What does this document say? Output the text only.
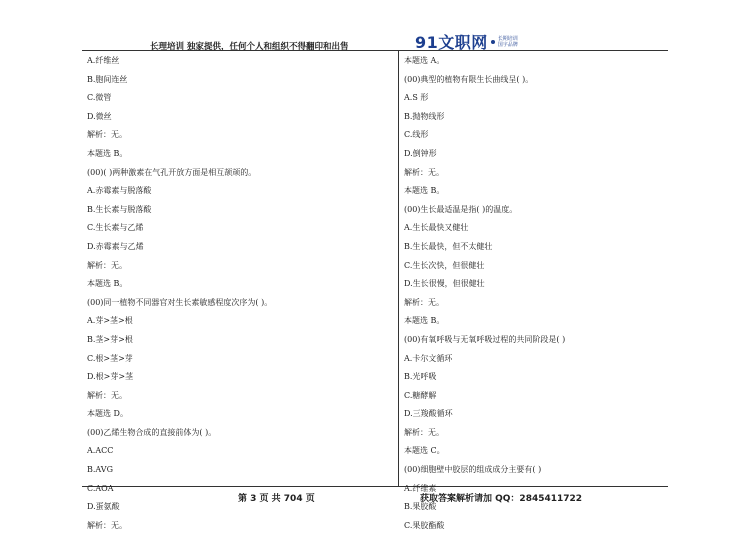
长理培训 独家提供，任何个人和组织不得翻印和出售	91文职网 长期培训
国字品牌
A.纤维丝
B.胞间连丝
C.微管
D.微丝
解析：无。
本题选 B。
(00)( )两种激素在气孔开放方面是相互颉颃的。
A.赤霉素与脱落酸
B.生长素与脱落酸
C.生长素与乙烯
D.赤霉素与乙烯
解析：无。
本题选 B。
(00)同一植物不同器官对生长素敏感程度次序为( )。
A.芽>茎>根
B.茎>芽>根
C.根>茎>芽
D.根>芽>茎
解析：无。
本题选 D。
(00)乙烯生物合成的直接前体为( )。
A.ACC
B.AVG
C.AOA
D.蛋氨酸
解析：无。
本题选 A。
(00)典型的植物有限生长曲线呈( )。
A.S 形
B.抛物线形
C.线形
D.倒钟形
解析：无。
本题选 B。
(00)生长最适温是指( )的温度。
A.生长最快又健壮
B.生长最快，但不太健壮
C.生长次快，但很健壮
D.生长很慢，但很健壮
解析：无。
本题选 B。
(00)有氧呼吸与无氧呼吸过程的共同阶段是( )
A.卡尔文循环
B.光呼吸
C.糖酵解
D.三羧酸循环
解析：无。
本题选 C。
(00)细胞壁中胶层的组成成分主要有( )
A.纤维素
B.果胶酸
C.果胶酯酸
第 3 页 共 704 页	获取答案解析请加 QQ：2845411722
